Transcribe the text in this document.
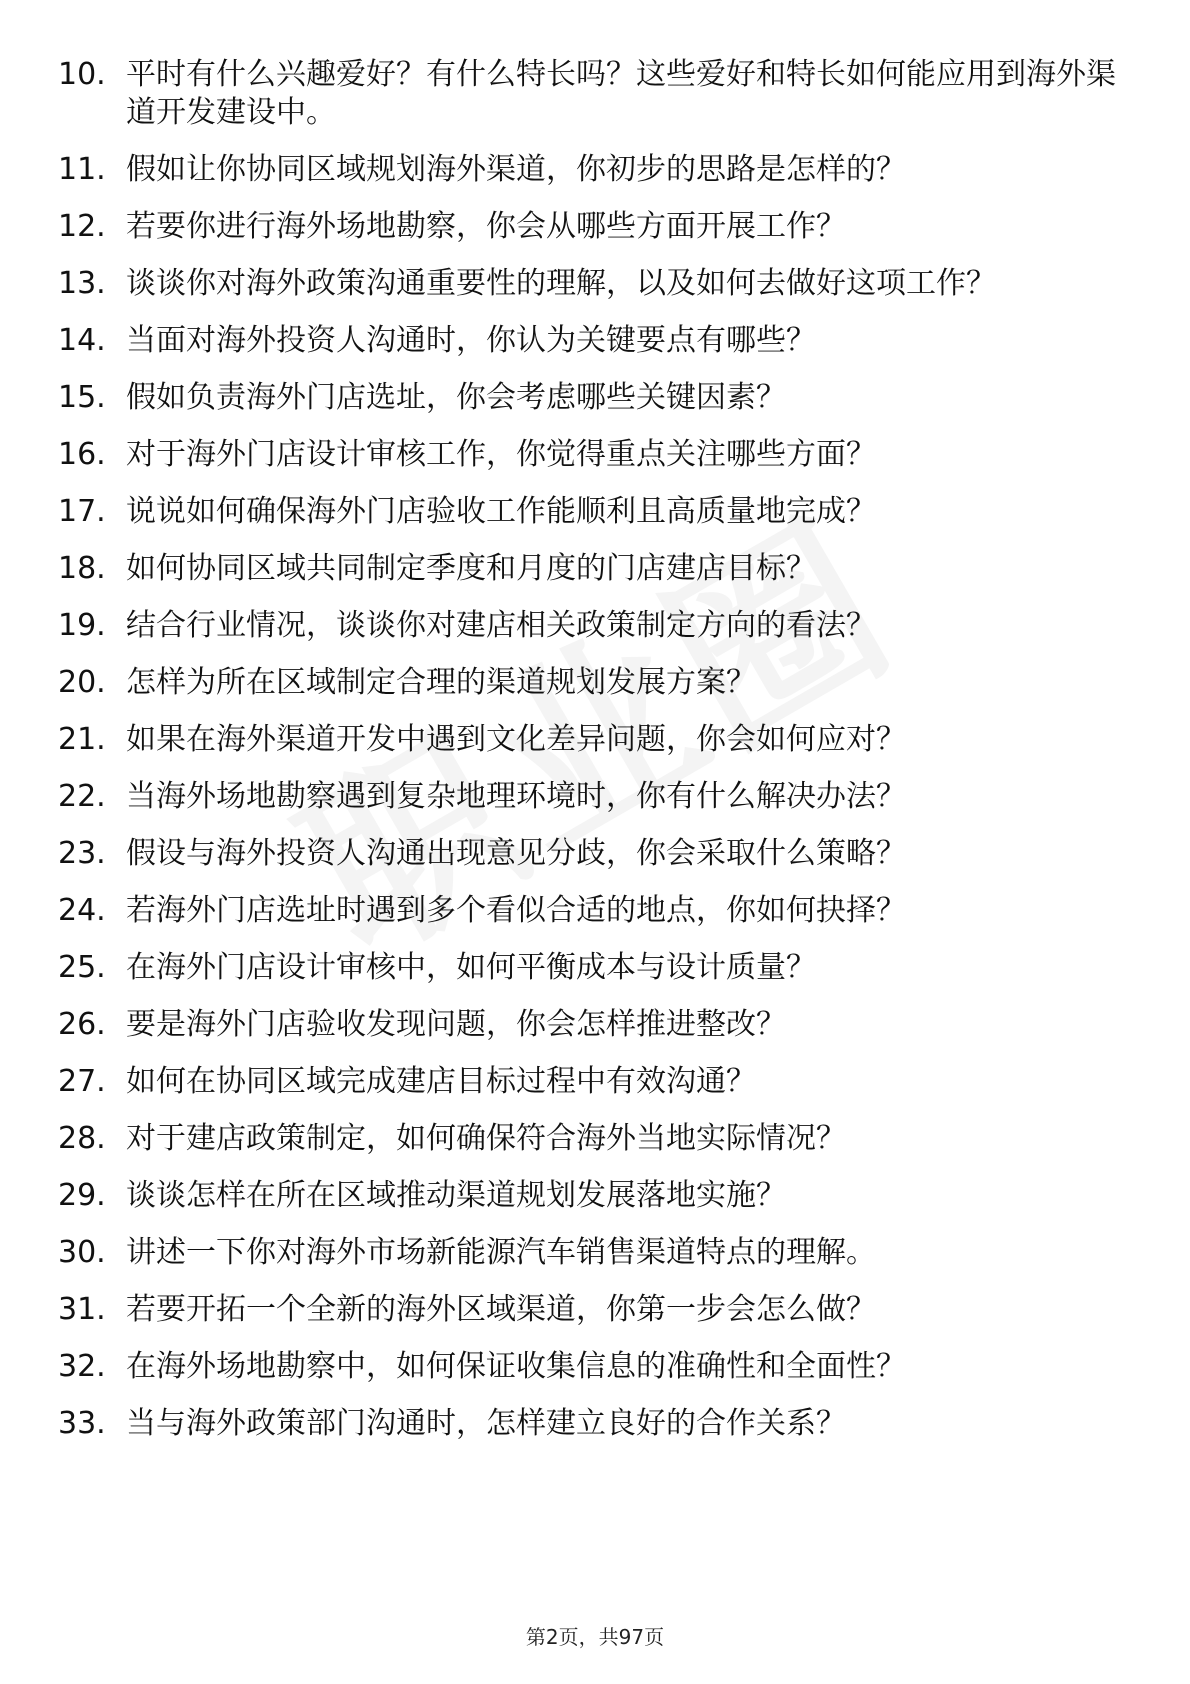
10. 平时有什么兴趣爱好？有什么特长吗？这些爱好和特长如何能应用到海外渠道开发建设中。
11. 假如让你协同区域规划海外渠道，你初步的思路是怎样的？
12. 若要你进行海外场地勘察，你会从哪些方面开展工作？
13. 谈谈你对海外政策沟通重要性的理解，以及如何去做好这项工作？
14. 当面对海外投资人沟通时，你认为关键要点有哪些？
15. 假如负责海外门店选址，你会考虑哪些关键因素？
16. 对于海外门店设计审核工作，你觉得重点关注哪些方面？
17. 说说如何确保海外门店验收工作能顺利且高质量地完成？
18. 如何协同区域共同制定季度和月度的门店建店目标？
19. 结合行业情况，谈谈你对建店相关政策制定方向的看法？
20. 怎样为所在区域制定合理的渠道规划发展方案？
21. 如果在海外渠道开发中遇到文化差异问题，你会如何应对？
22. 当海外场地勘察遇到复杂地理环境时，你有什么解决办法？
23. 假设与海外投资人沟通出现意见分歧，你会采取什么策略？
24. 若海外门店选址时遇到多个看似合适的地点，你如何抉择？
25. 在海外门店设计审核中，如何平衡成本与设计质量？
26. 要是海外门店验收发现问题，你会怎样推进整改？
27. 如何在协同区域完成建店目标过程中有效沟通？
28. 对于建店政策制定，如何确保符合海外当地实际情况？
29. 谈谈怎样在所在区域推动渠道规划发展落地实施？
30. 讲述一下你对海外市场新能源汽车销售渠道特点的理解。
31. 若要开拓一个全新的海外区域渠道，你第一步会怎么做？
32. 在海外场地勘察中，如何保证收集信息的准确性和全面性？
33. 当与海外政策部门沟通时，怎样建立良好的合作关系？
第2页，共97页
